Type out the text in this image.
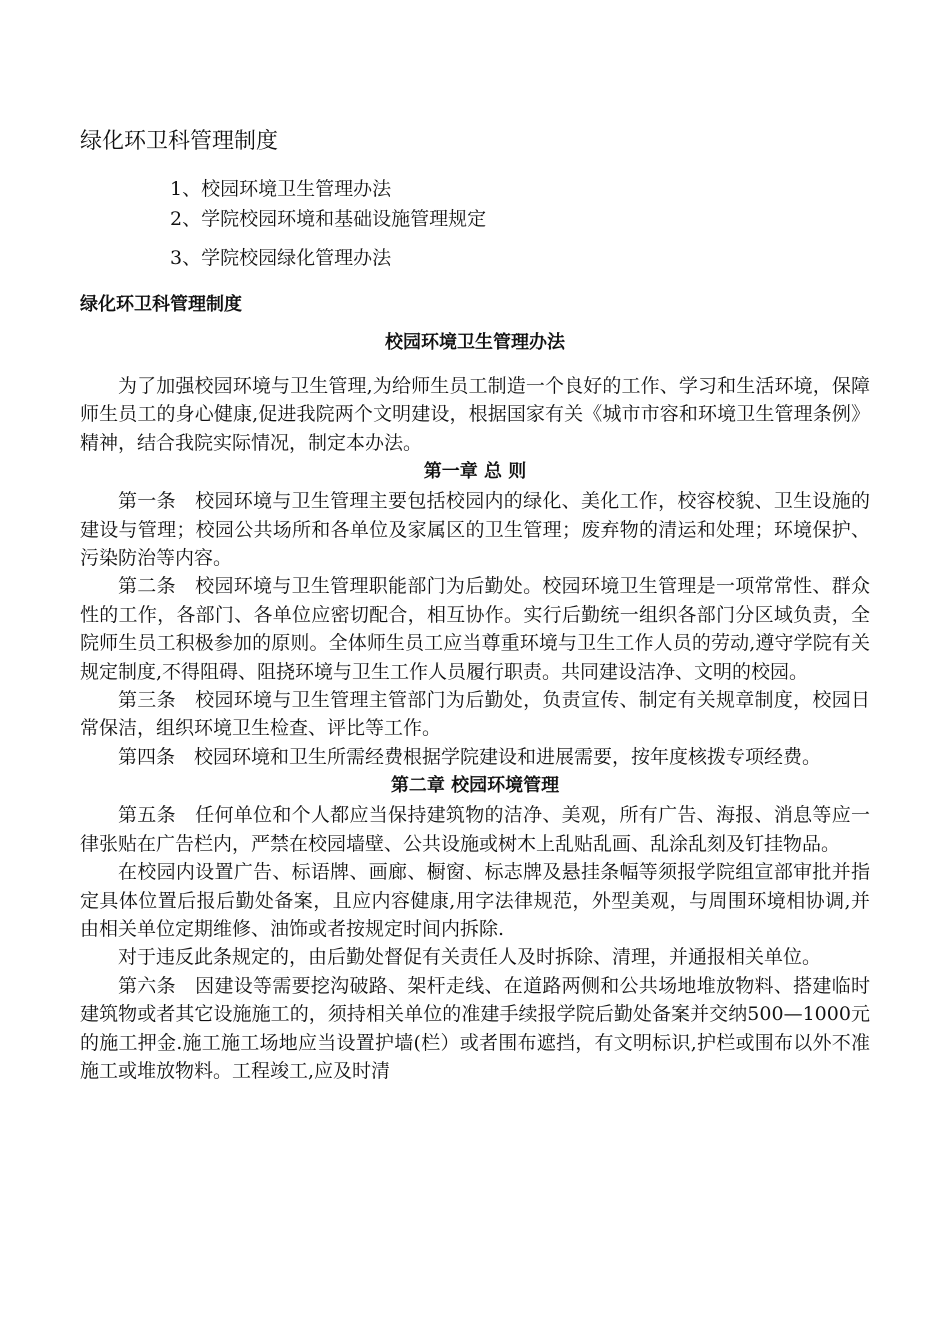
绿化环卫科管理制度
1、校园环境卫生管理办法
2、学院校园环境和基础设施管理规定
3、学院校园绿化管理办法
绿化环卫科管理制度
校园环境卫生管理办法

为了加强校园环境与卫生管理,为给师生员工制造一个良好的工作、学习和生活环境，保障师生员工的身心健康,促进我院两个文明建设，根据国家有关《城市市容和环境卫生管理条例》精神，结合我院实际情况，制定本办法。

第一章 总 则

第一条　校园环境与卫生管理主要包括校园内的绿化、美化工作，校容校貌、卫生设施的建设与管理；校园公共场所和各单位及家属区的卫生管理；废弃物的清运和处理；环境保护、污染防治等内容。

第二条　校园环境与卫生管理职能部门为后勤处。校园环境卫生管理是一项常常性、群众性的工作，各部门、各单位应密切配合，相互协作。实行后勤统一组织各部门分区域负责，全院师生员工积极参加的原则。全体师生员工应当尊重环境与卫生工作人员的劳动,遵守学院有关规定制度,不得阻碍、阻挠环境与卫生工作人员履行职责。共同建设洁净、文明的校园。

第三条　校园环境与卫生管理主管部门为后勤处，负责宣传、制定有关规章制度，校园日常保洁，组织环境卫生检查、评比等工作。

第四条　校园环境和卫生所需经费根据学院建设和进展需要，按年度核拨专项经费。

第二章 校园环境管理

第五条　任何单位和个人都应当保持建筑物的洁净、美观，所有广告、海报、消息等应一律张贴在广告栏内，严禁在校园墙壁、公共设施或树木上乱贴乱画、乱涂乱刻及钉挂物品。

在校园内设置广告、标语牌、画廊、橱窗、标志牌及悬挂条幅等须报学院组宣部审批并指定具体位置后报后勤处备案，且应内容健康,用字法律规范，外型美观，与周围环境相协调,并由相关单位定期维修、油饰或者按规定时间内拆除.

对于违反此条规定的，由后勤处督促有关责任人及时拆除、清理，并通报相关单位。

第六条　因建设等需要挖沟破路、架杆走线、在道路两侧和公共场地堆放物料、搭建临时建筑物或者其它设施施工的，须持相关单位的准建手续报学院后勤处备案并交纳500—1000元的施工押金.施工施工场地应当设置护墙(栏）或者围布遮挡，有文明标识,护栏或围布以外不准施工或堆放物料。工程竣工,应及时清
